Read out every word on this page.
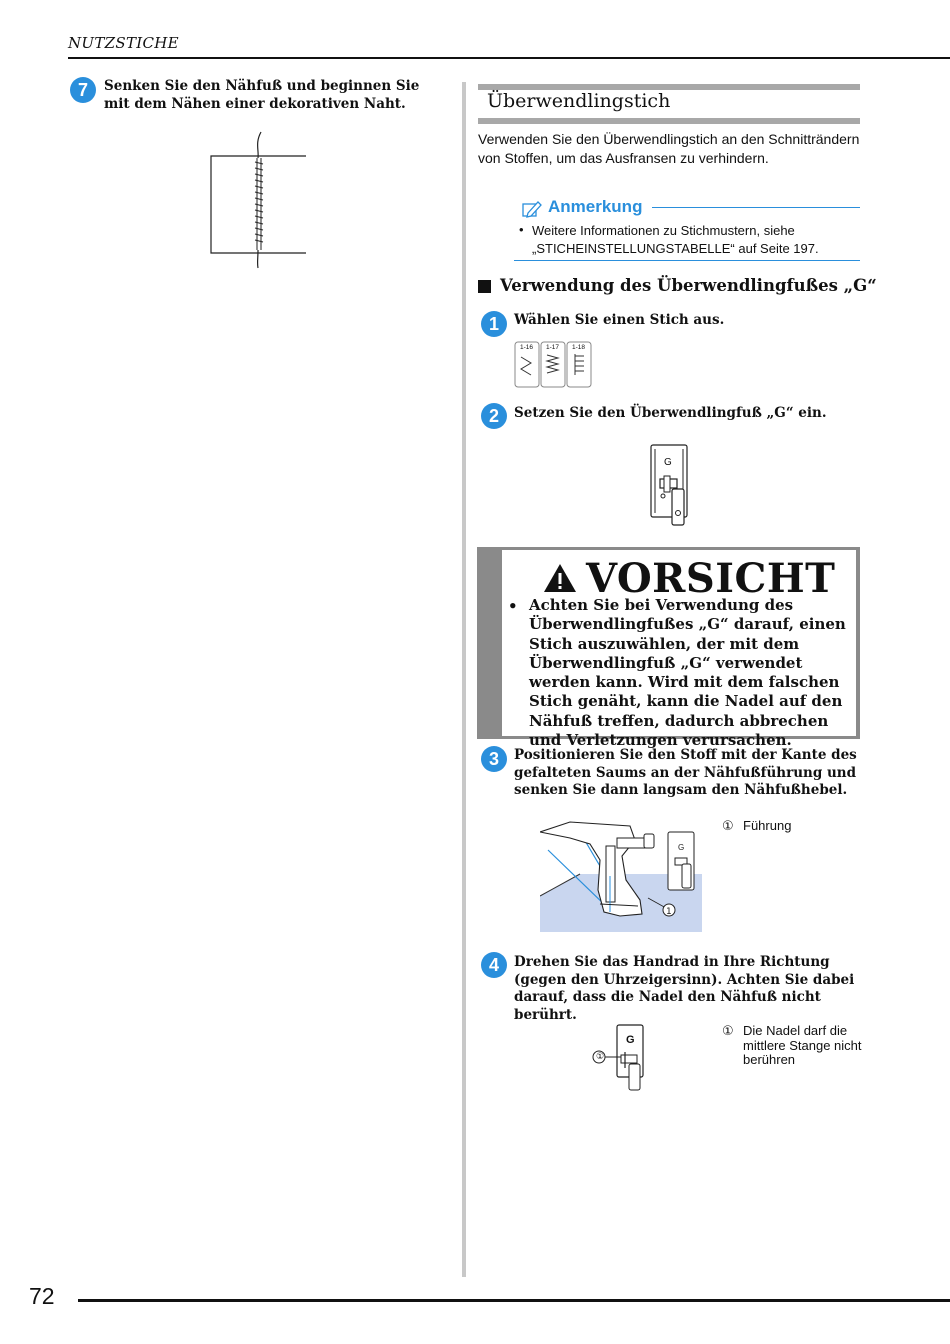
NUTZSTICHE
7	Senken Sie den Nähfuß und beginnen Sie mit dem Nähen einer dekorativen Naht.	Überwendlingstich
Verwenden Sie den Überwendlingstich an den Schnitträndern von Stoffen, um das Ausfransen zu verhindern.
Anmerkung
• Weitere Informationen zu Stichmustern, siehe „STICHEINSTELLUNGSTABELLE“ auf Seite 197.
Verwendung des Überwendlingfußes „G“
1	Wählen Sie einen Stich aus.
1-16 1-17 1-18
2	Setzen Sie den Überwendlingfuß „G“ ein.
G
VORSICHT
• Achten Sie bei Verwendung des Überwendlingfußes „G“ darauf, einen Stich auszuwählen, der mit dem Überwendlingfuß „G“ verwendet werden kann. Wird mit dem falschen Stich genäht, kann die Nadel auf den Nähfuß treffen, dadurch abbrechen und Verletzungen verursachen.
3	Positionieren Sie den Stoff mit der Kante des gefalteten Saums an der Nähfußführung und senken Sie dann langsam den Nähfußhebel.
G
1
① Führung
4	Drehen Sie das Handrad in Ihre Richtung (gegen den Uhrzeigersinn). Achten Sie dabei darauf, dass die Nadel den Nähfuß nicht berührt.
G
①
① Die Nadel darf die mittlere Stange nicht berühren
72
